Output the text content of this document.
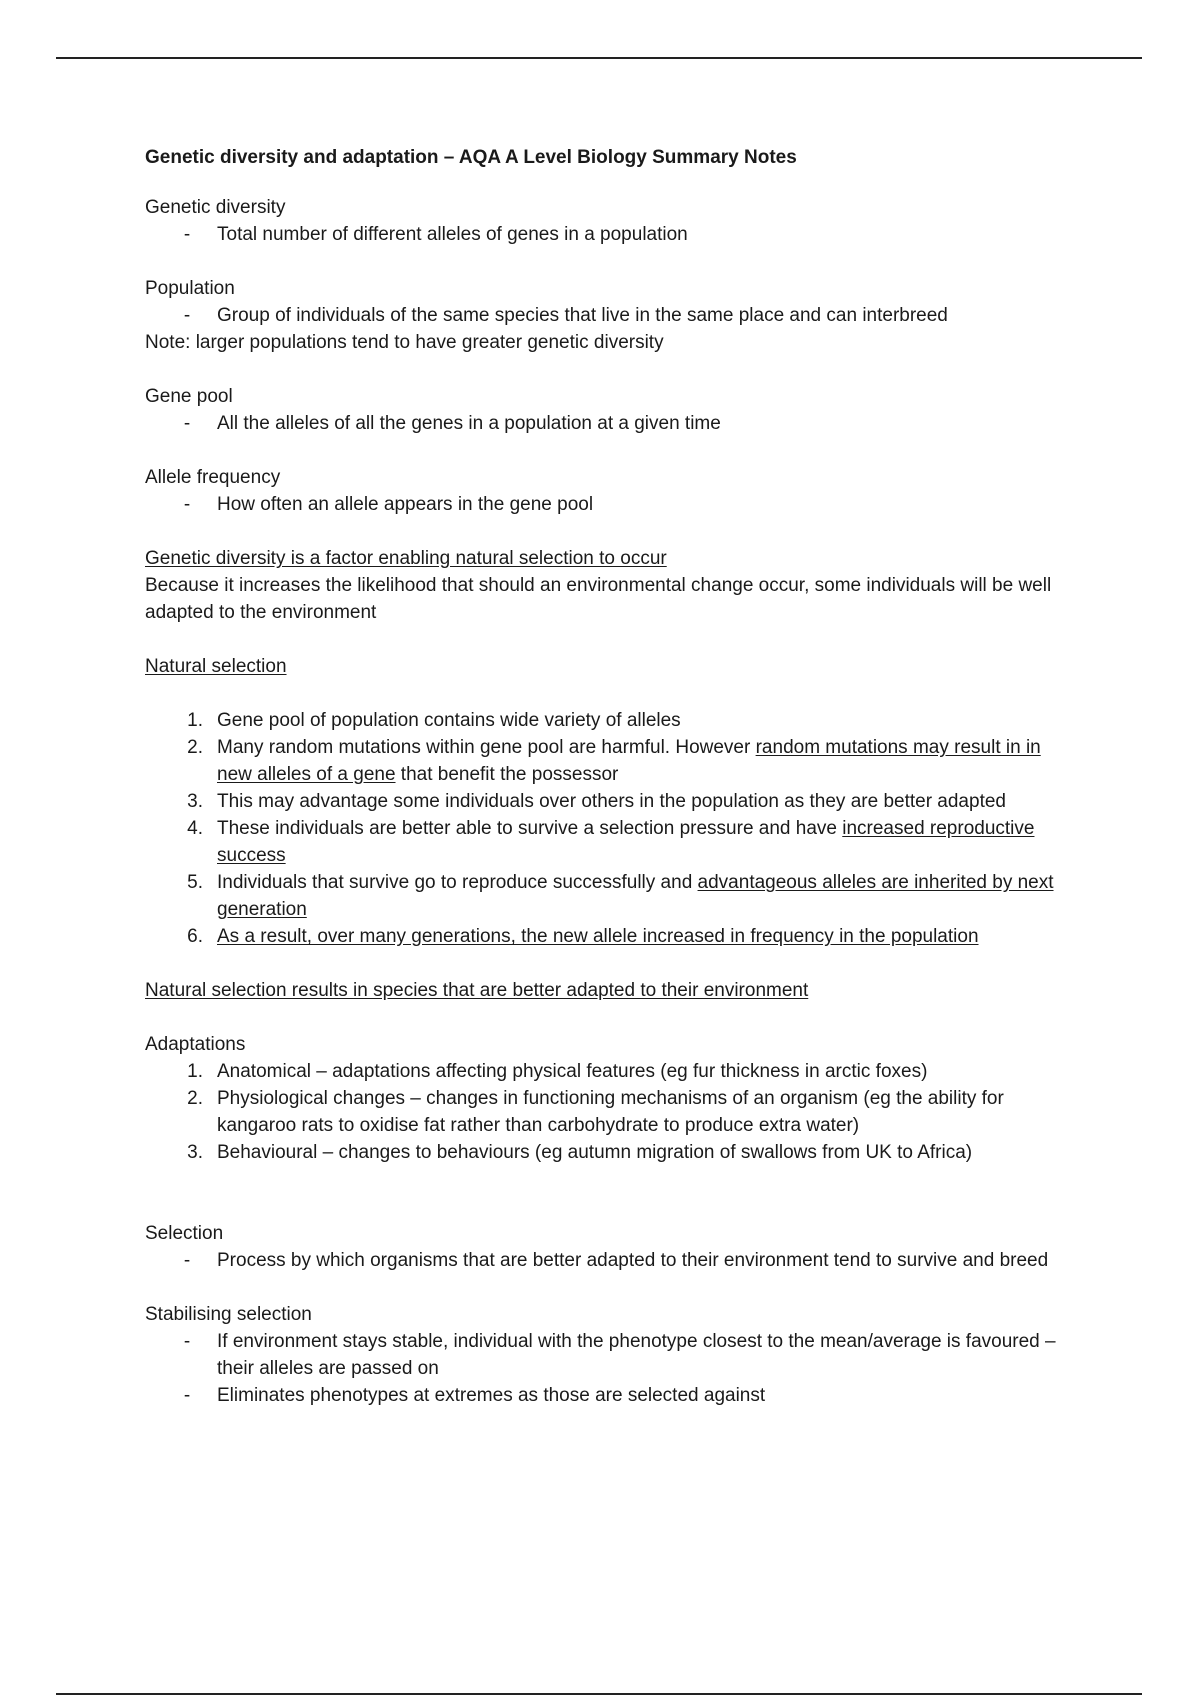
Genetic diversity and adaptation – AQA A Level Biology Summary Notes

Genetic diversity

- Total number of different alleles of genes in a population

Population

- Group of individuals of the same species that live in the same place and can interbreed

Note: larger populations tend to have greater genetic diversity

Gene pool

- All the alleles of all the genes in a population at a given time

Allele frequency

- How often an allele appears in the gene pool

Genetic diversity is a factor enabling natural selection to occur

Because it increases the likelihood that should an environmental change occur, some individuals will be well adapted to the environment

Natural selection

1. Gene pool of population contains wide variety of alleles
2. Many random mutations within gene pool are harmful. However random mutations may result in in new alleles of a gene that benefit the possessor
3. This may advantage some individuals over others in the population as they are better adapted
4. These individuals are better able to survive a selection pressure and have increased reproductive success
5. Individuals that survive go to reproduce successfully and advantageous alleles are inherited by next generation
6. As a result, over many generations, the new allele increased in frequency in the population

Natural selection results in species that are better adapted to their environment

Adaptations

1. Anatomical – adaptations affecting physical features (eg fur thickness in arctic foxes)
2. Physiological changes – changes in functioning mechanisms of an organism (eg the ability for kangaroo rats to oxidise fat rather than carbohydrate to produce extra water)
3. Behavioural – changes to behaviours (eg autumn migration of swallows from UK to Africa)

Selection

- Process by which organisms that are better adapted to their environment tend to survive and breed

Stabilising selection

- If environment stays stable, individual with the phenotype closest to the mean/average is favoured – their alleles are passed on
- Eliminates phenotypes at extremes as those are selected against
